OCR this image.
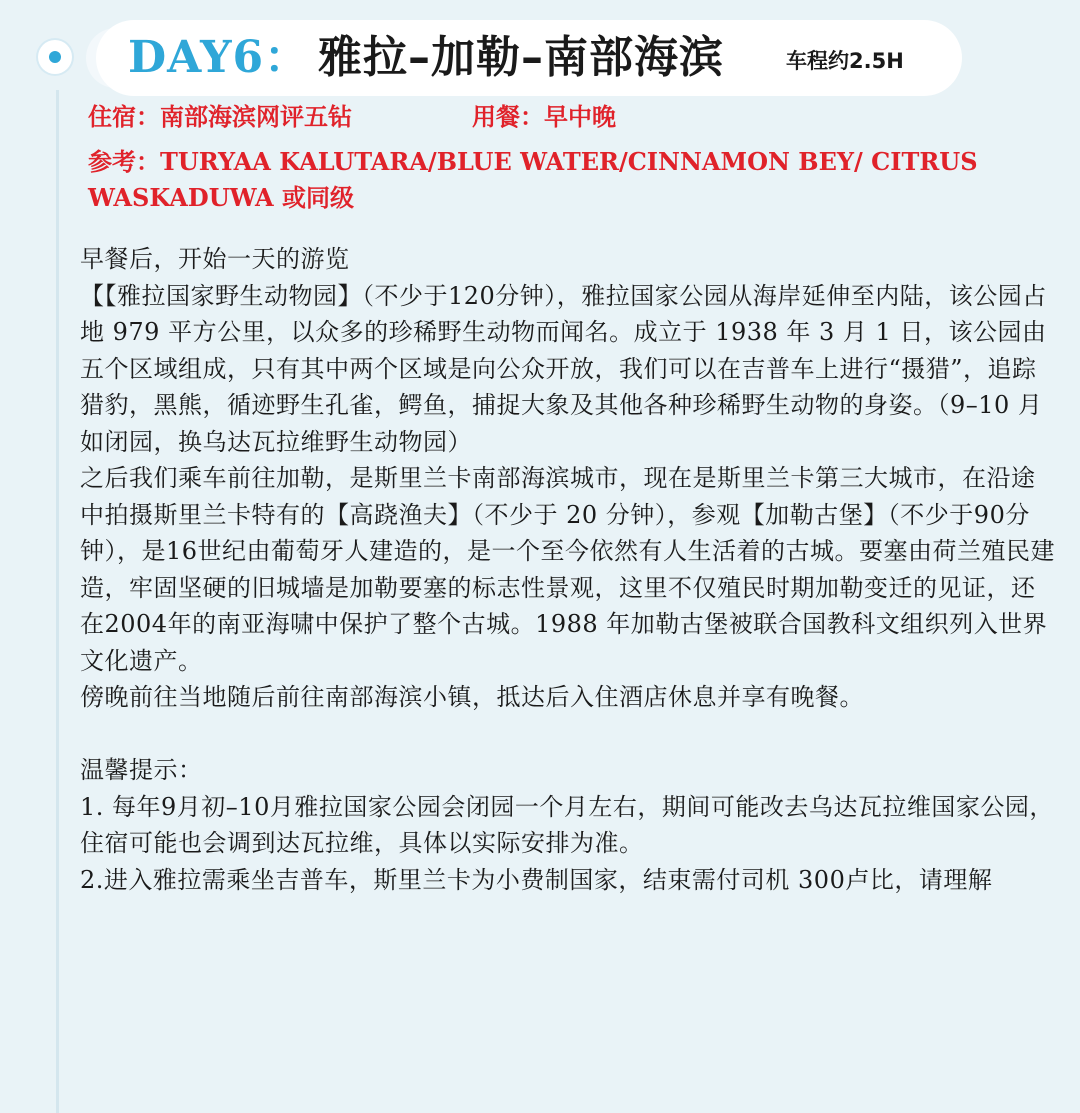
DAY6： 雅拉–加勒–南部海滨	车程约2.5H
住宿：南部海滨网评五钻	用餐：早中晚
参考：TURYAA KALUTARA/BLUE WATER/CINNAMON BEY/ CITRUS WASKADUWA 或同级

早餐后，开始一天的游览

【【雅拉国家野生动物园】（不少于120分钟），雅拉国家公园从海岸延伸至内陆，该公园占地 979 平方公里，以众多的珍稀野生动物而闻名。成立于 1938 年 3 月 1 日，该公园由五个区域组成，只有其中两个区域是向公众开放，我们可以在吉普车上进行“摄猎”，追踪猎豹，黑熊，循迹野生孔雀，鳄鱼，捕捉大象及其他各种珍稀野生动物的身姿。（9–10 月如闭园，换乌达瓦拉维野生动物园）

之后我们乘车前往加勒，是斯里兰卡南部海滨城市，现在是斯里兰卡第三大城市，在沿途中拍摄斯里兰卡特有的【高跷渔夫】（不少于 20 分钟），参观【加勒古堡】（不少于90分钟），是16世纪由葡萄牙人建造的，是一个至今依然有人生活着的古城。要塞由荷兰殖民建造，牢固坚硬的旧城墙是加勒要塞的标志性景观，这里不仅殖民时期加勒变迁的见证，还在2004年的南亚海啸中保护了整个古城。1988 年加勒古堡被联合国教科文组织列入世界文化遗产。

傍晚前往当地随后前往南部海滨小镇，抵达后入住酒店休息并享有晚餐。

温馨提示：

1. 每年9月初–10月雅拉国家公园会闭园一个月左右，期间可能改去乌达瓦拉维国家公园，住宿可能也会调到达瓦拉维，具体以实际安排为准。

2.进入雅拉需乘坐吉普车，斯里兰卡为小费制国家，结束需付司机 300卢比，请理解
